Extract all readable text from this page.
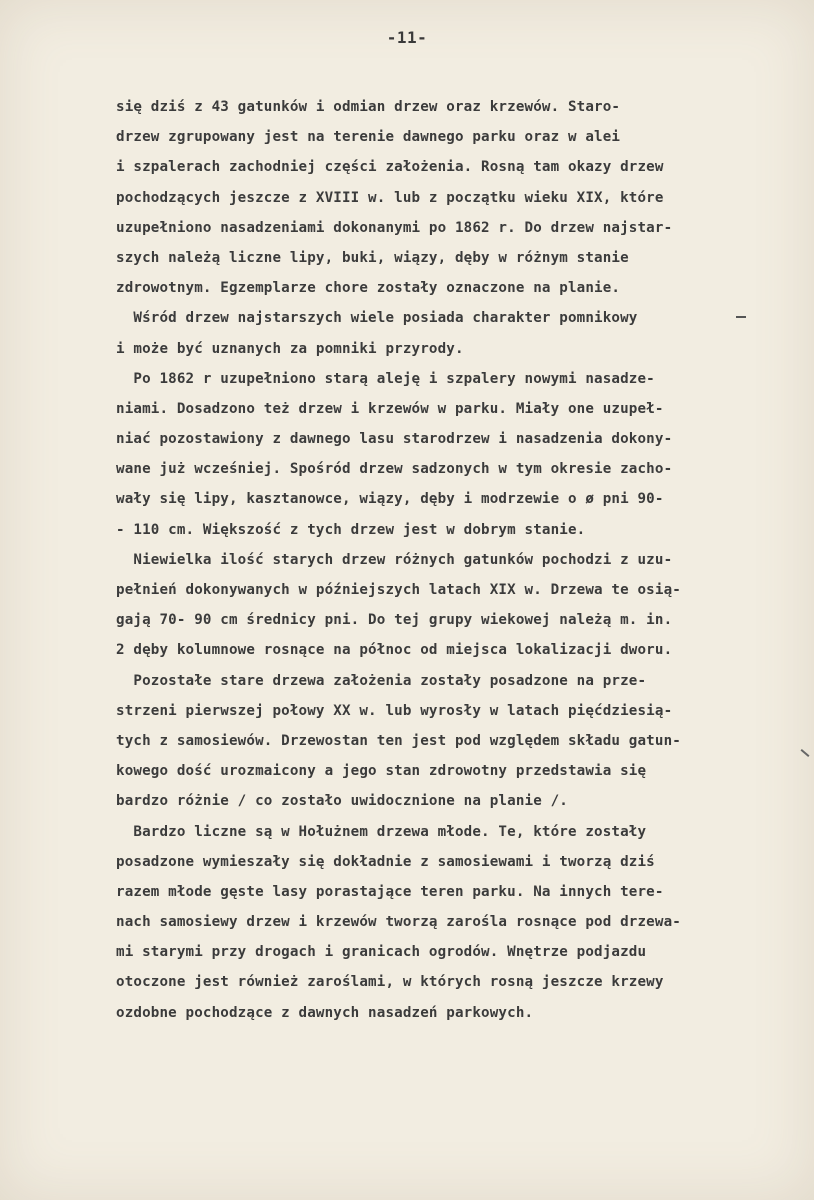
-11-
się dziś z 43 gatunków i odmian drzew oraz krzewów. Staro-
drzew zgrupowany jest na terenie dawnego parku oraz w alei
i szpalerach zachodniej części założenia. Rosną tam okazy drzew
pochodzących jeszcze z XVIII w. lub z początku wieku XIX, które
uzupełniono nasadzeniami dokonanymi po 1862 r. Do drzew najstar-
szych należą liczne lipy, buki, wiązy, dęby w różnym stanie
zdrowotnym. Egzemplarze chore zostały oznaczone na planie.
Wśród drzew najstarszych wiele posiada charakter pomnikowy
i może być uznanych za pomniki przyrody.
Po 1862 r uzupełniono starą aleję i szpalery nowymi nasadze-
niami. Dosadzono też drzew i krzewów w parku. Miały one uzupeł-
niać pozostawiony z dawnego lasu starodrzew i nasadzenia dokony-
wane już wcześniej. Spośród drzew sadzonych w tym okresie zacho-
wały się lipy, kasztanowce, wiązy, dęby i modrzewie o ø pni 90-
- 110 cm. Większość z tych drzew jest w dobrym stanie.
Niewielka ilość starych drzew różnych gatunków pochodzi z uzu-
pełnień dokonywanych w późniejszych latach XIX w. Drzewa te osią-
gają 70- 90 cm średnicy pni. Do tej grupy wiekowej należą m. in.
2 dęby kolumnowe rosnące na północ od miejsca lokalizacji dworu.
Pozostałe stare drzewa założenia zostały posadzone na prze-
strzeni pierwszej połowy XX w. lub wyrosły w latach pięćdziesią-
tych z samosiewów. Drzewostan ten jest pod względem składu gatun-
kowego dość urozmaicony a jego stan zdrowotny przedstawia się
bardzo różnie / co zostało uwidocznione na planie /.
Bardzo liczne są w Hołużnem drzewa młode. Te, które zostały
posadzone wymieszały się dokładnie z samosiewami i tworzą dziś
razem młode gęste lasy porastające teren parku. Na innych tere-
nach samosiewy drzew i krzewów tworzą zarośla rosnące pod drzewa-
mi starymi przy drogach i granicach ogrodów. Wnętrze podjazdu
otoczone jest również zaroślami, w których rosną jeszcze krzewy
ozdobne pochodzące z dawnych nasadzeń parkowych.
